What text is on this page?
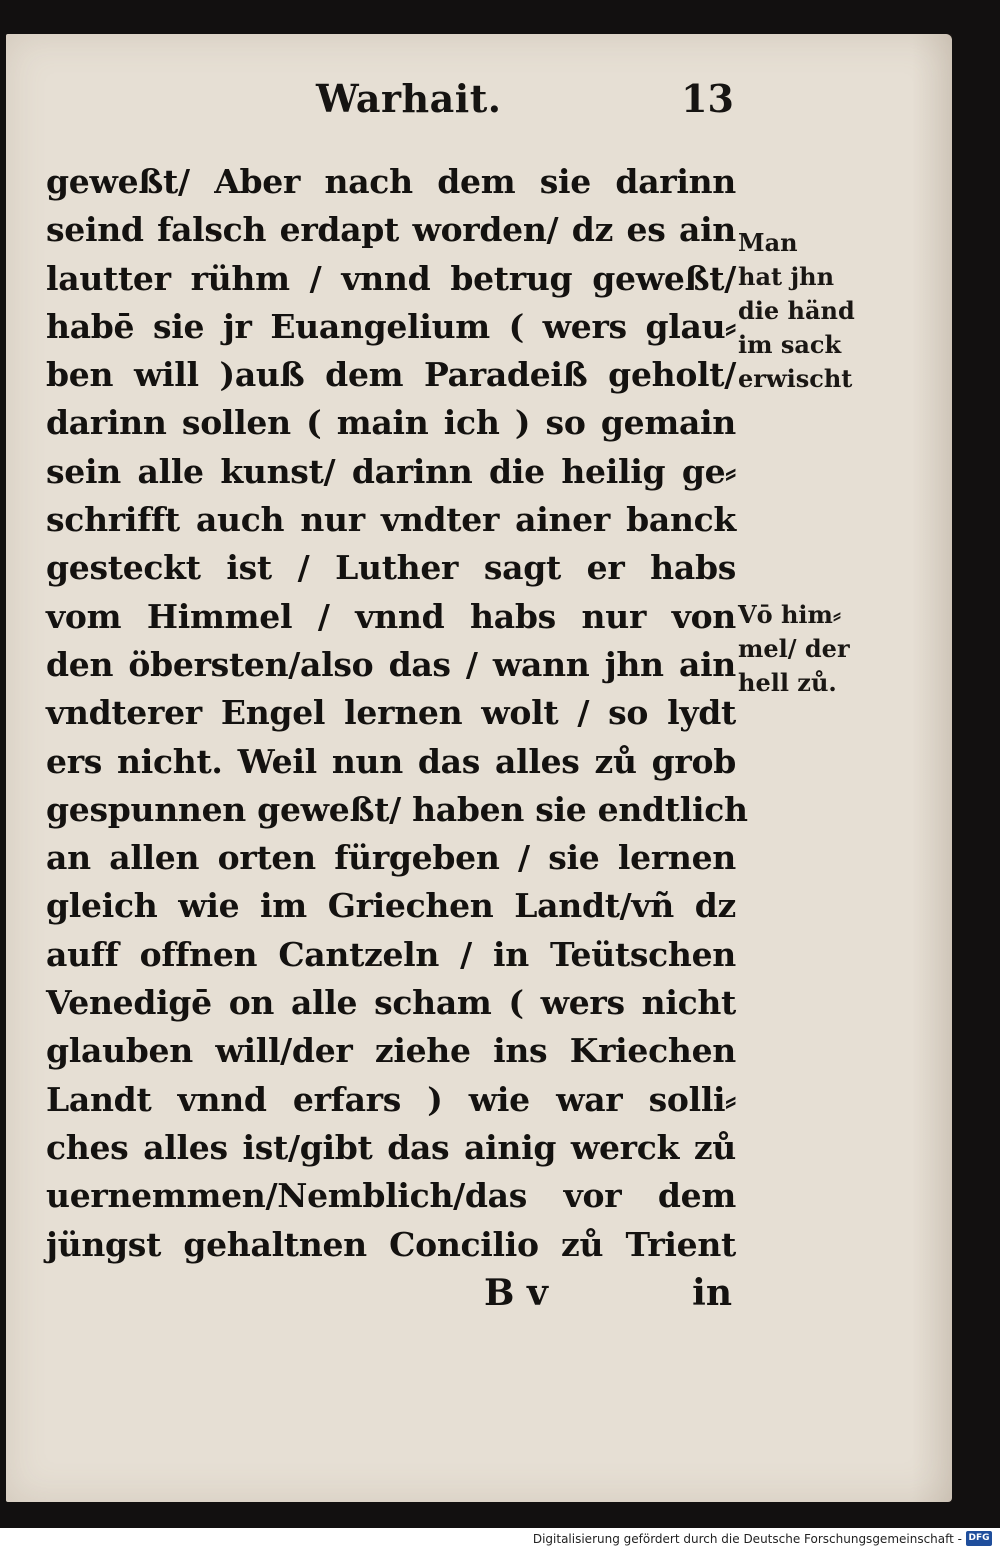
Warhait.	13
geweßt/ Aber nach dem sie darinn
seind falsch erdapt worden/ dz es ain
lautter rühm / vnnd betrug geweßt/
habē sie jr Euangelium ( wers glau⸗
ben will )auß dem Paradeiß geholt/
darinn sollen ( main ich ) so gemain
sein alle kunst/ darinn die heilig ge⸗
schrifft auch nur vndter ainer banck
gesteckt ist / Luther sagt er habs
vom Himmel / vnnd habs nur von
den öbersten/also das / wann jhn ain
vndterer Engel lernen wolt / so lydt
ers nicht. Weil nun das alles zů grob
gespunnen geweßt/ haben sie endtlich
an allen orten fürgeben / sie lernen
gleich wie im Griechen Landt/vñ dz
auff offnen Cantzeln / in Teütschen
Venedigē on alle scham ( wers nicht
glauben will/der ziehe ins Kriechen
Landt vnnd erfars ) wie war solli⸗
ches alles ist/gibt das ainig werck zů
uernemmen/Nemblich/das vor dem
jüngst gehaltnen Concilio zů Trient
B v	in
Man
hat jhn
die händ
im sack
erwischt
Vō him⸗
mel/ der
hell zů.
Digitalisierung gefördert durch die Deutsche Forschungsgemeinschaft - DFG
